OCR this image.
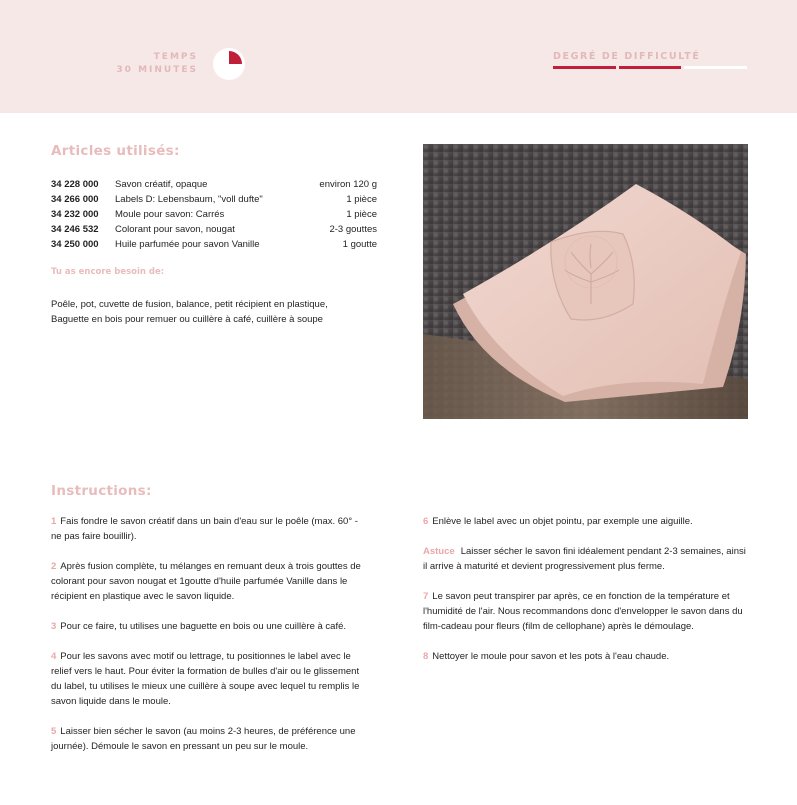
TEMPS
30 MINUTES
DEGRÉ DE DIFFICULTÉ
Articles utilisés:
34 228 000	Savon créatif, opaque	environ 120 g
34 266 000	Labels D: Lebensbaum, "voll dufte"	1 pièce
34 232 000	Moule pour savon: Carrés	1 pièce
34 246 532	Colorant pour savon, nougat	2-3 gouttes
34 250 000	Huile parfumée pour savon Vanille	1 goutte
Tu as encore besoin de:
Poêle, pot, cuvette de fusion, balance, petit récipient en plastique,
Baguette en bois pour remuer ou cuillère à café, cuillère à soupe
Instructions:
1 Fais fondre le savon créatif dans un bain d'eau sur le poêle (max. 60° - ne pas faire bouillir).
2 Après fusion complète, tu mélanges en remuant deux à trois gouttes de colorant pour savon nougat et 1goutte d'huile parfumée Vanille dans le récipient en plastique avec le savon liquide.
3 Pour ce faire, tu utilises une baguette en bois ou une cuillère à café.
4 Pour les savons avec motif ou lettrage, tu positionnes le label avec le relief vers le haut. Pour éviter la formation de bulles d'air ou le glissement du label, tu utilises le mieux une cuillère à soupe avec lequel tu remplis le savon liquide dans le moule.
5 Laisser bien sécher le savon (au moins 2-3 heures, de préférence une journée). Démoule le savon en pressant un peu sur le moule.
6 Enlève le label avec un objet pointu, par exemple une aiguille.
Astuce Laisser sécher le savon fini idéalement pendant 2-3 semaines, ainsi il arrive à maturité et devient progressivement plus ferme.
7 Le savon peut transpirer par après, ce en fonction de la température et l'humidité de l'air. Nous recommandons donc d'envelopper le savon dans du film-cadeau pour fleurs (film de cellophane) après le démoulage.
8 Nettoyer le moule pour savon et les pots à l'eau chaude.
